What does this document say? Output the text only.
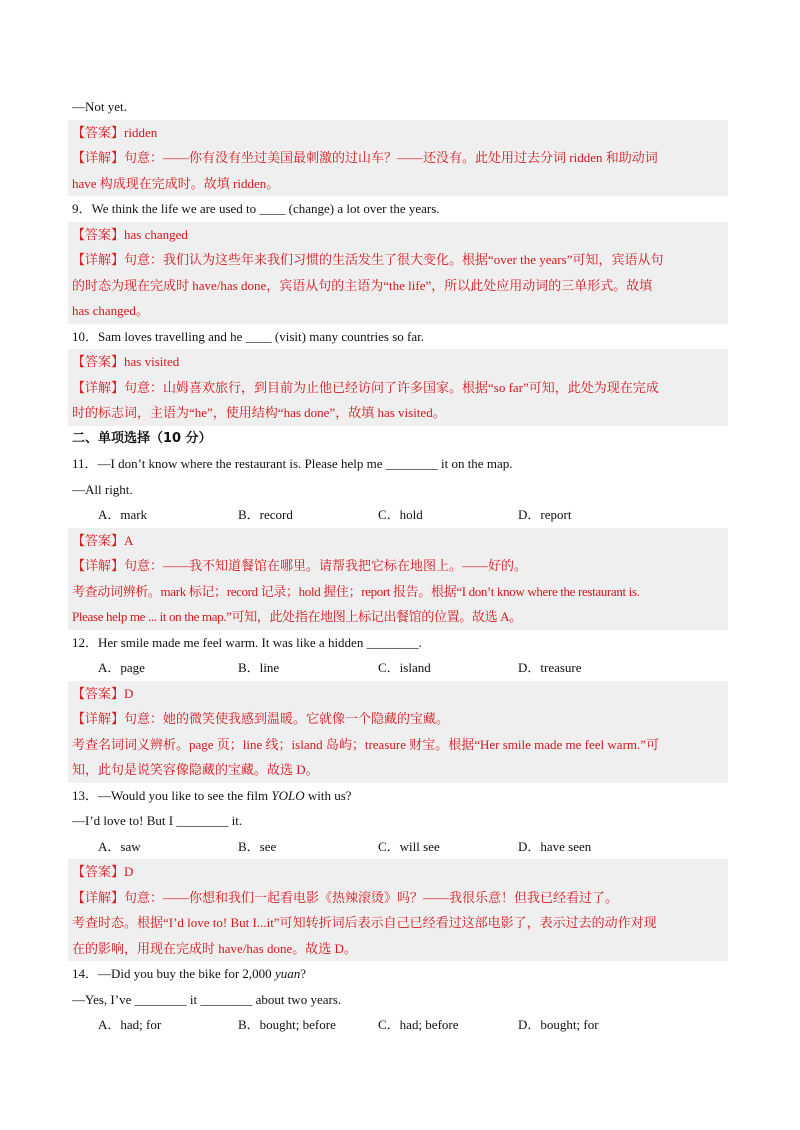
—Not yet.
【答案】ridden
【详解】句意：——你有没有坐过美国最刺激的过山车？——还没有。此处用过去分词 ridden 和助动词
have 构成现在完成时。故填 ridden。
9．We think the life we are used to ____ (change) a lot over the years.
【答案】has changed
【详解】句意：我们认为这些年来我们习惯的生活发生了很大变化。根据“over the years”可知，宾语从句
的时态为现在完成时 have/has done，宾语从句的主语为“the life”，所以此处应用动词的三单形式。故填
has changed。
10．Sam loves travelling and he ____ (visit) many countries so far.
【答案】has visited
【详解】句意：山姆喜欢旅行，到目前为止他已经访问了许多国家。根据“so far”可知，此处为现在完成
时的标志词，主语为“he”，使用结构“has done”，故填 has visited。
二、单项选择（10 分）
11．—I don’t know where the restaurant is. Please help me ________ it on the map.
—All right.
A．mark	B．record	C．hold	D．report
【答案】A
【详解】句意：——我不知道餐馆在哪里。请帮我把它标在地图上。——好的。
考查动词辨析。mark 标记；record 记录；hold 握住；report 报告。根据“I don’t know where the restaurant is.
Please help me ... it on the map.”可知，此处指在地图上标记出餐馆的位置。故选 A。
12．Her smile made me feel warm. It was like a hidden ________.
A．page	B．line	C．island	D．treasure
【答案】D
【详解】句意：她的微笑使我感到温暖。它就像一个隐藏的宝藏。
考查名词词义辨析。page 页；line 线；island 岛屿；treasure 财宝。根据“Her smile made me feel warm.”可
知，此句是说笑容像隐藏的宝藏。故选 D。
13．—Would you like to see the film YOLO with us?
—I’d love to! But I ________ it.
A．saw	B．see	C．will see	D．have seen
【答案】D
【详解】句意：——你想和我们一起看电影《热辣滚烫》吗？——我很乐意！但我已经看过了。
考查时态。根据“I’d love to! But I...it”可知转折词后表示自己已经看过这部电影了，表示过去的动作对现
在的影响，用现在完成时 have/has done。故选 D。
14．—Did you buy the bike for 2,000 yuan?
—Yes, I’ve ________ it ________ about two years.
A．had; for	B．bought; before	C．had; before	D．bought; for
